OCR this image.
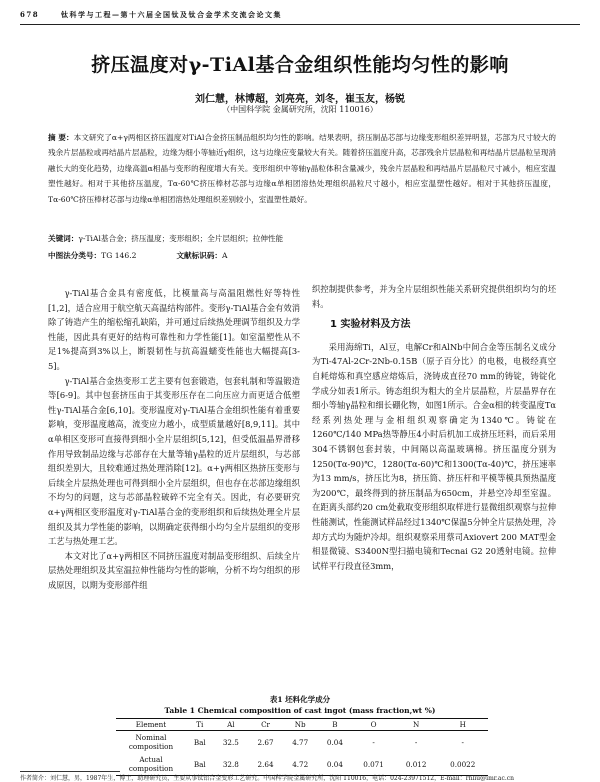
678	钛科学与工程—第十六届全国钛及钛合金学术交流会论文集
挤压温度对γ-TiAl基合金组织性能均匀性的影响
刘仁慧，林博超，刘亮亮，刘冬，崔玉友，杨锐
（中国科学院 金属研究所，沈阳 110016）
摘 要：本文研究了α+γ两相区挤压温度对TiAl合金挤压制品组织均匀性的影响。结果表明，挤压制品芯部与边缘变形组织差异明显，芯部为尺寸较大的残余片层晶粒或再结晶片层晶粒，边缘为细小等轴近γ组织，这与边缘应变量较大有关。随着挤压温度升高，芯部残余片层晶粒和再结晶片层晶粒呈现消融长大的变化趋势，边缘高温α相晶与变形的程度增大有关。变形组织中等轴γ晶粒体积含量减少，残余片层晶粒和再结晶片层晶粒尺寸减小，相应室温塑性越好。相对于其他挤压温度，Tα-60℃挤压棒材芯部与边缘α单相团溶热处理组织晶粒尺寸越小，相应室温塑性越好。相对于其他挤压温度，Tα-60℃挤压棒材芯部与边缘α单相团溶热处理组织差别较小，室温塑性最好。
关键词：γ-TiAl基合金；挤压温度；变形组织；全片层组织；拉伸性能
中图法分类号：TG 146.2	文献标识码：A

γ-TiAl基合金具有密度低，比模量高与高温阻燃性好等特性[1,2]，适合应用于航空航天高温结构部件。变形γ-TiAl基合金有效消除了铸造产生的缩松缩孔缺陷，并可通过后续热处理调节组织及力学性能，因此具有更好的结构可靠性和力学性能[1]。如室温塑性从不足1%提高到3%以上，断裂韧性与抗高温蠕变性能也大幅提高[3-5]。

γ-TiAl基合金热变形工艺主要有包套锻造，包套轧制和等温锻造等[6-9]。其中包套挤压由于其变形压存在二向压应力而更适合低塑性γ-TiAl基合金[6,10]。变形温度对γ-TiAl基合金组织性能有着重要影响，变形温度越高，流变应力越小，成型质量越好[8,9,11]。其中α单相区变形可直接得到细小全片层组织[5,12]，但受低温晶界滑移作用导致制品边缘与芯部存在大量等轴γ晶粒的近片层组织，与芯部组织差别大，且较难通过热处理消除[12]。α+γ两相区热挤压变形与后续全片层热处理也可得到细小全片层组织，但也存在芯部边缘组织不均匀的问题，这与芯部晶粒破碎不完全有关。因此，有必要研究α+γ两相区变形温度对γ-TiAl基合金的变形组织和后续热处理全片层组织及其力学性能的影响，以期确定获得细小均匀全片层组织的变形工艺与热处理工艺。

本文对比了α+γ两相区不同挤压温度对制品变形组织、后续全片层热处理组织及其室温拉伸性能均匀性的影响，分析不均匀组织的形成原因，以期为变形部件组

织控制提供参考，并为全片层组织性能关系研究提供组织均匀的坯料。

1 实验材料及方法

采用海绵Ti，Al豆，电解Cr和AlNb中间合金等压制名义成分为Ti-47Al-2Cr-2Nb-0.15B（原子百分比）的电极，电极经真空自耗熔炼和真空感应熔炼后，浇铸成直径70 mm的铸锭，铸锭化学成分如表1所示。铸态组织为粗大的全片层晶粒，片层晶界存在细小等轴γ晶粒和细长硼化物，如图1所示。合金α相的转变温度Tα经系列热处理与金相组织观察确定为1340℃。铸锭在1260℃/140 MPa热等静压4小时后机加工成挤压坯料，而后采用304不锈钢包套封装，中间隔以高温玻璃棉。挤压温度分别为1250(Tα-90)℃，1280(Tα-60)℃和1300(Tα-40)℃，挤压速率为13 mm/s，挤压比为8，挤压筒、挤压杆和平模等模具预热温度为200℃，最终得到的挤压制品为650cm，并悬空冷却至室温。在距离头部约20 cm处截取变形组织取样进行显微组织观察与拉伸性能测试，性能测试样品经过1340℃保温5分钟全片层热处理，冷却方式均为随炉冷却。组织观察采用蔡司Axiovert 200 MAT型金相显微镜、S3400N型扫描电镜和Tecnai G2 20透射电镜。拉伸试样平行段直径3mm，

表1 坯料化学成分
Table 1 Chemical composition of cast ingot (mass fraction,wt %)
Element	Ti	Al	Cr	Nb	B	O	N	H
Nominal composition	Bal	32.5	2.67	4.77	0.04	-	-	-
Actual composition	Bal	32.8	2.64	4.72	0.04	0.071	0.012	0.0022
作者简介：刘仁慧，男，1987年生，博士，助理研究员，主要从事钛铝合金变形工艺研究。中国科学院金属研究所，沈阳 110016，电话：024-23971512，E-mail：rhliu@imr.ac.cn
